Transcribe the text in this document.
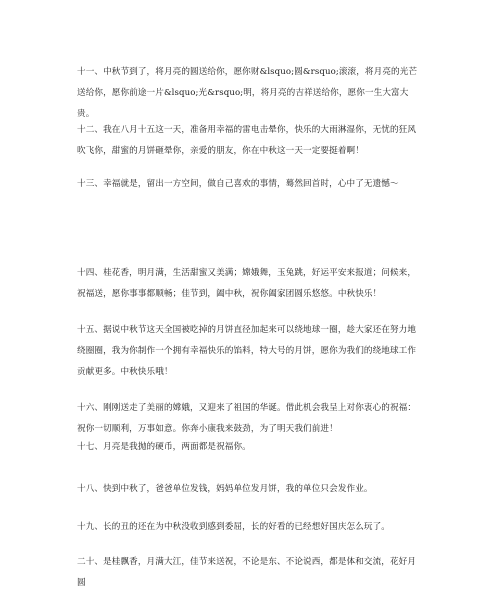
十一、中秋节到了，将月亮的圆送给你，愿你财&lsquo;圆&rsquo;滚滚，将月亮的光芒送给你，愿你前途一片&lsquo;光&rsquo;明，将月亮的吉祥送给你，愿你一生大富大贵。

十二、我在八月十五这一天，准备用幸福的雷电击晕你，快乐的大雨淋湿你，无忧的狂风吹飞你，甜蜜的月饼砸晕你，亲爱的朋友，你在中秋这一天一定要挺着啊！

十三、幸福就是，留出一方空间，做自己喜欢的事情，蓦然回首时，心中了无遗憾～

十四、桂花香，明月满，生活甜蜜又美满；嫦娥舞，玉兔跳，好运平安来报道；问候来，祝福送，愿你事事都顺畅；佳节到，阖中秋，祝你阖家团圆乐悠悠。中秋快乐！

十五、据说中秋节这天全国被吃掉的月饼直径加起来可以绕地球一圈，趁大家还在努力地绕圈圈，我为你制作一个拥有幸福快乐的馅料，特大号的月饼，愿你为我们的绕地球工作贡献更多。中秋快乐哦！

十六、刚刚送走了美丽的嫦娥，又迎来了祖国的华诞。借此机会我呈上对你衷心的祝福：祝你一切顺利，万事如意。你奔小康我来鼓劲，为了明天我们前进！

十七、月亮是我抛的硬币，两面都是祝福你。

十八、快到中秋了，爸爸单位发钱，妈妈单位发月饼，我的单位只会发作业。

十九、长的丑的还在为中秋没收到感到委屈，长的好看的已经想好国庆怎么玩了。

二十、是桂飘香，月满大江，佳节来送祝，不论是东、不论说西，都是体和交流，花好月圆
